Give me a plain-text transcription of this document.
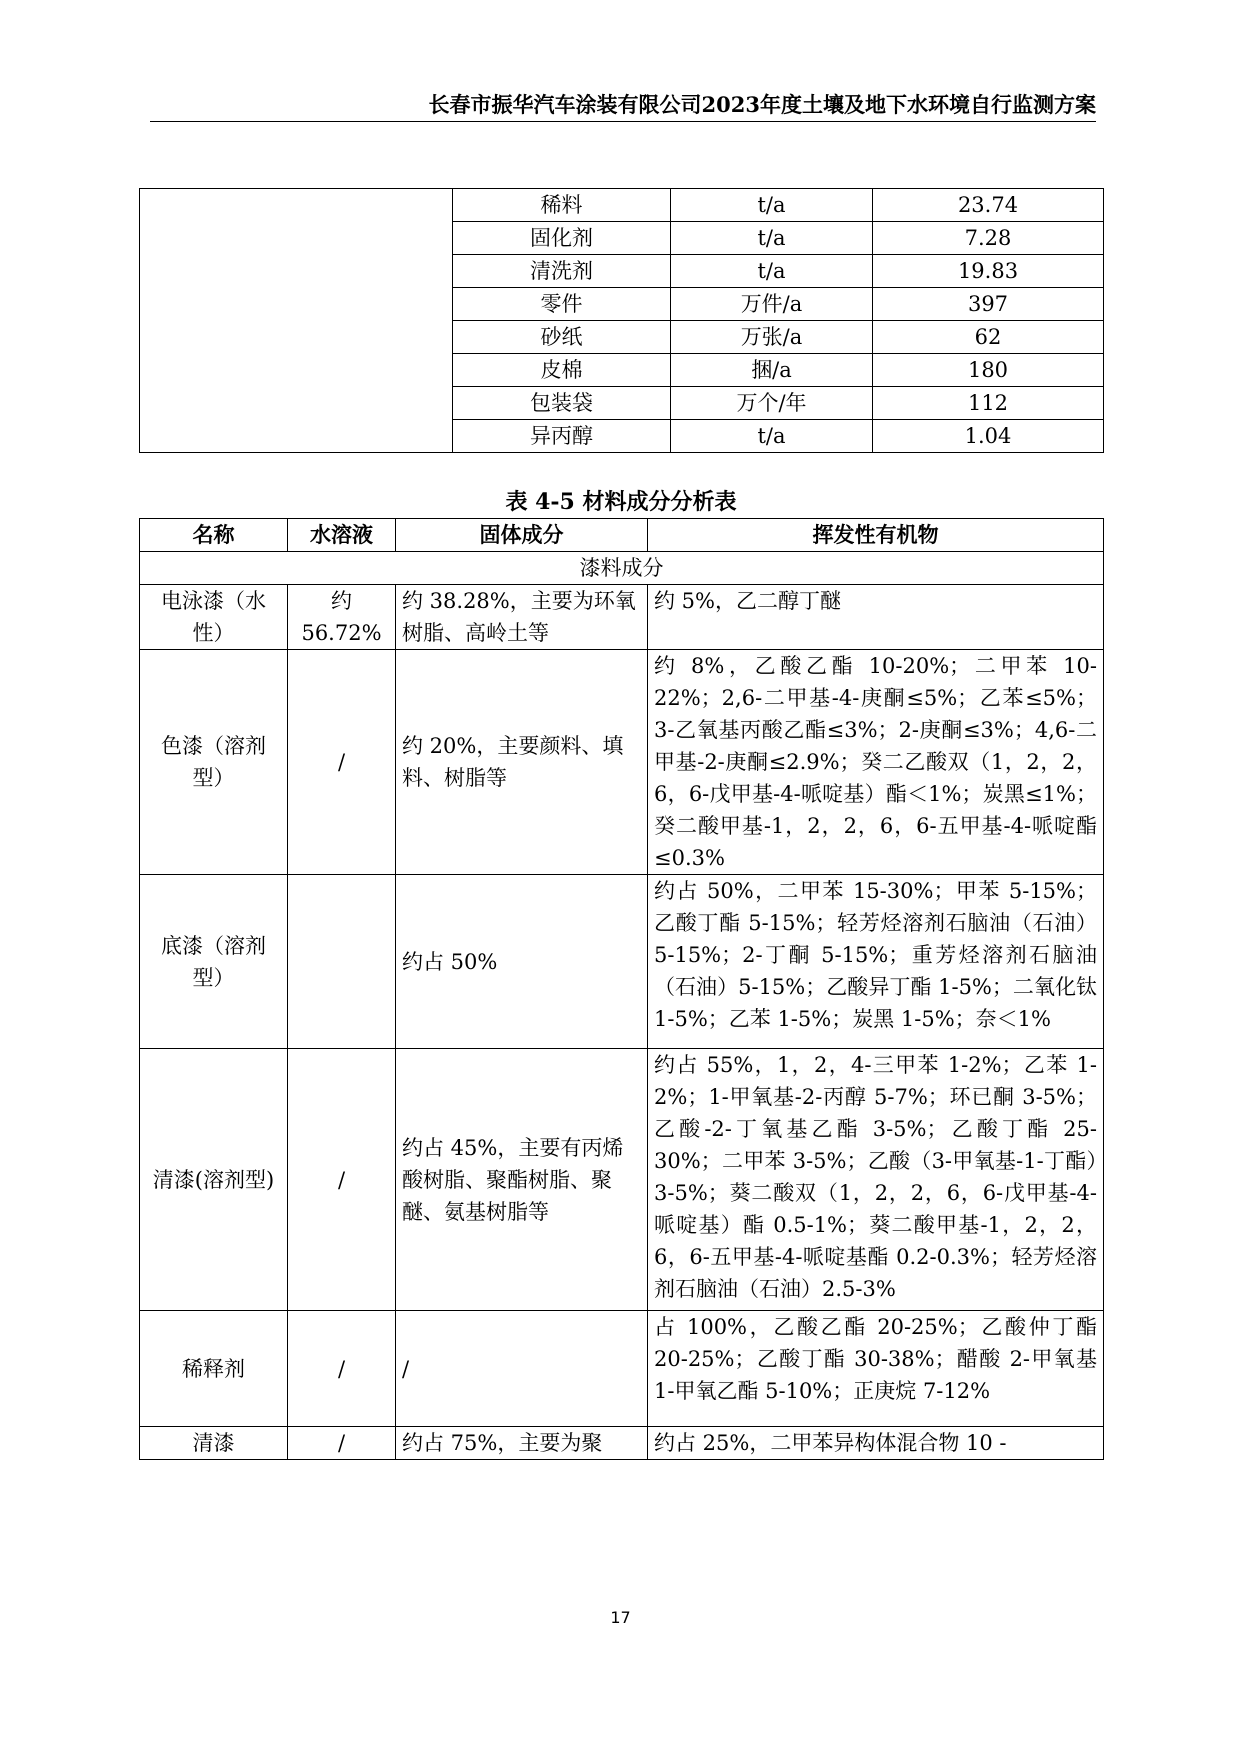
长春市振华汽车涂装有限公司2023年度土壤及地下水环境自行监测方案
	稀料	t/a	23.74
	固化剂	t/a	7.28
	清洗剂	t/a	19.83
	零件	万件/a	397
	砂纸	万张/a	62
	皮棉	捆/a	180
	包装袋	万个/年	112
	异丙醇	t/a	1.04
表 4-5 材料成分分析表
名称	水溶液	固体成分	挥发性有机物
漆料成分			
电泳漆（水性）	约 56.72%	约 38.28%，主要为环氧树脂、高岭土等	约 5%，乙二醇丁醚
色漆（溶剂型）	/	约 20%，主要颜料、填料、树脂等	约 8%，乙酸乙酯 10-20%；二甲苯 10-22%；2,6-二甲基-4-庚酮≤5%；乙苯≤5%；3-乙氧基丙酸乙酯≤3%；2-庚酮≤3%；4,6-二甲基-2-庚酮≤2.9%；癸二乙酸双（1，2，2，6，6-戊甲基-4-哌啶基）酯＜1%；炭黑≤1%；癸二酸甲基-1，2，2，6，6-五甲基-4-哌啶酯≤0.3%
底漆（溶剂型）		约占 50%	约占 50%，二甲苯 15-30%；甲苯 5-15%；乙酸丁酯 5-15%；轻芳烃溶剂石脑油（石油）5-15%；2-丁酮 5-15%；重芳烃溶剂石脑油（石油）5-15%；乙酸异丁酯 1-5%；二氧化钛 1-5%；乙苯 1-5%；炭黑 1-5%；奈＜1%
清漆(溶剂型)	/	约占 45%，主要有丙烯酸树脂、聚酯树脂、聚醚、氨基树脂等	约占 55%，1，2，4-三甲苯 1-2%；乙苯 1-2%；1-甲氧基-2-丙醇 5-7%；环已酮 3-5%；乙酸-2-丁氧基乙酯 3-5%；乙酸丁酯 25-30%；二甲苯 3-5%；乙酸（3-甲氧基-1-丁酯）3-5%；葵二酸双（1，2，2，6，6-戊甲基-4-哌啶基）酯 0.5-1%；葵二酸甲基-1，2，2，6，6-五甲基-4-哌啶基酯 0.2-0.3%；轻芳烃溶剂石脑油（石油）2.5-3%
稀释剂	/	/	占 100%，乙酸乙酯 20-25%；乙酸仲丁酯 20-25%；乙酸丁酯 30-38%；醋酸 2-甲氧基 1-甲氧乙酯 5-10%；正庚烷 7-12%
清漆	/	约占 75%，主要为聚	约占 25%，二甲苯异构体混合物 10 -
17
